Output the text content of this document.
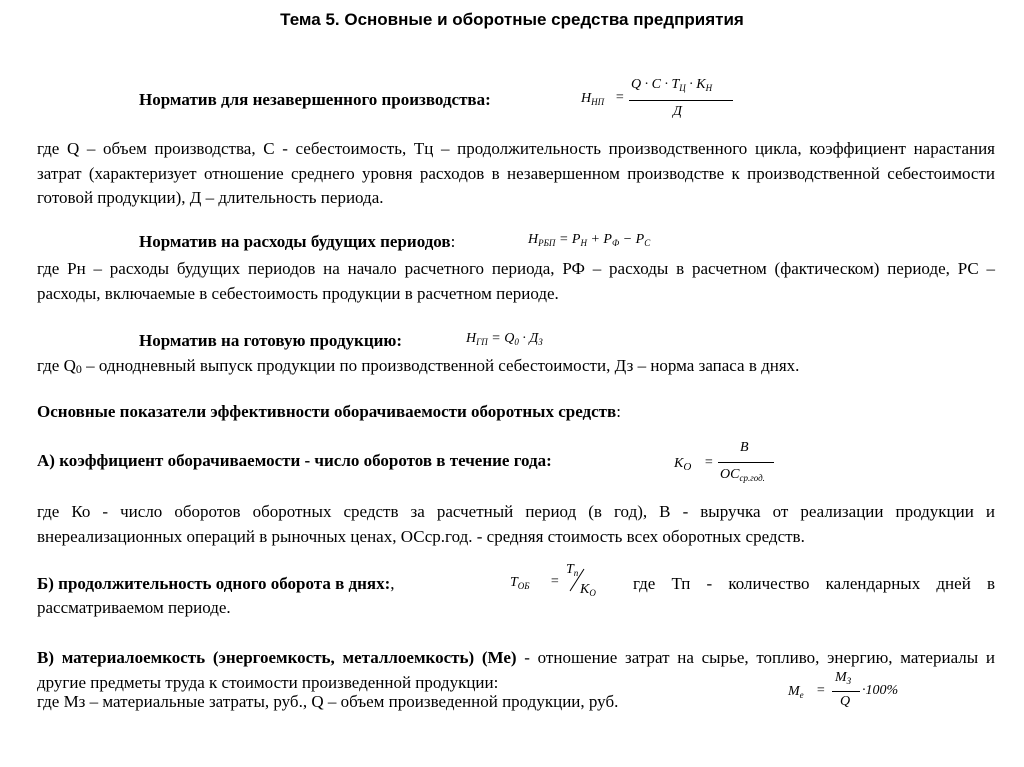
Тема 5. Основные и оборотные средства предприятия
Норматив для незавершенного производства:	$Н_{НП}$ =
$Q \cdot C \cdot T_Ц \cdot K_Н$
Д
где Q – объем производства, С - себестоимость, Тц – продолжительность производственного цикла, коэффициент нарастания затрат (характеризует отношение среднего уровня расходов в незавершенном производстве к производственной себестоимости готовой продукции), Д – длительность периода.
Норматив на расходы будущих периодов:	$Н_{РБП} = Р_Н + Р_Ф - Р_С$
где Рн – расходы будущих периодов на начало расчетного периода, РФ – расходы в расчетном (фактическом) периоде, РС – расходы, включаемые в себестоимость продукции в расчетном периоде.
Норматив на готовую продукцию:	$Н_{ГП} = Q_0 \cdot Д_З$
где Q0 – однодневный выпуск продукции по производственной себестоимости, Дз – норма запаса в днях.
Основные показатели эффективности оборачиваемости оборотных средств:
А) коэффициент оборачиваемости - число оборотов в течение года:	$K_О$ =
В
$ОС_{ср.год.}$
где Ко - число оборотов оборотных средств за расчетный период (в год), В - выручка от реализации продукции и внереализационных операций в рыночных ценах, ОСср.год. - средняя стоимость всех оборотных средств.
Б) продолжительность одного оборота в днях:,	$T_{ОБ}$ =
$T_п$
$K_О$ где Тп - количество календарных дней в
рассматриваемом периоде.
В) материалоемкость (энергоемкость, металлоемкость) (Ме) - отношение затрат на сырье, топливо, энергию, материалы и другие предметы труда к стоимости произведенной продукции:
где Мз – материальные затраты, руб., Q – объем произведенной продукции, руб.
$М_е$ =
$М_З$
Q
·100%
